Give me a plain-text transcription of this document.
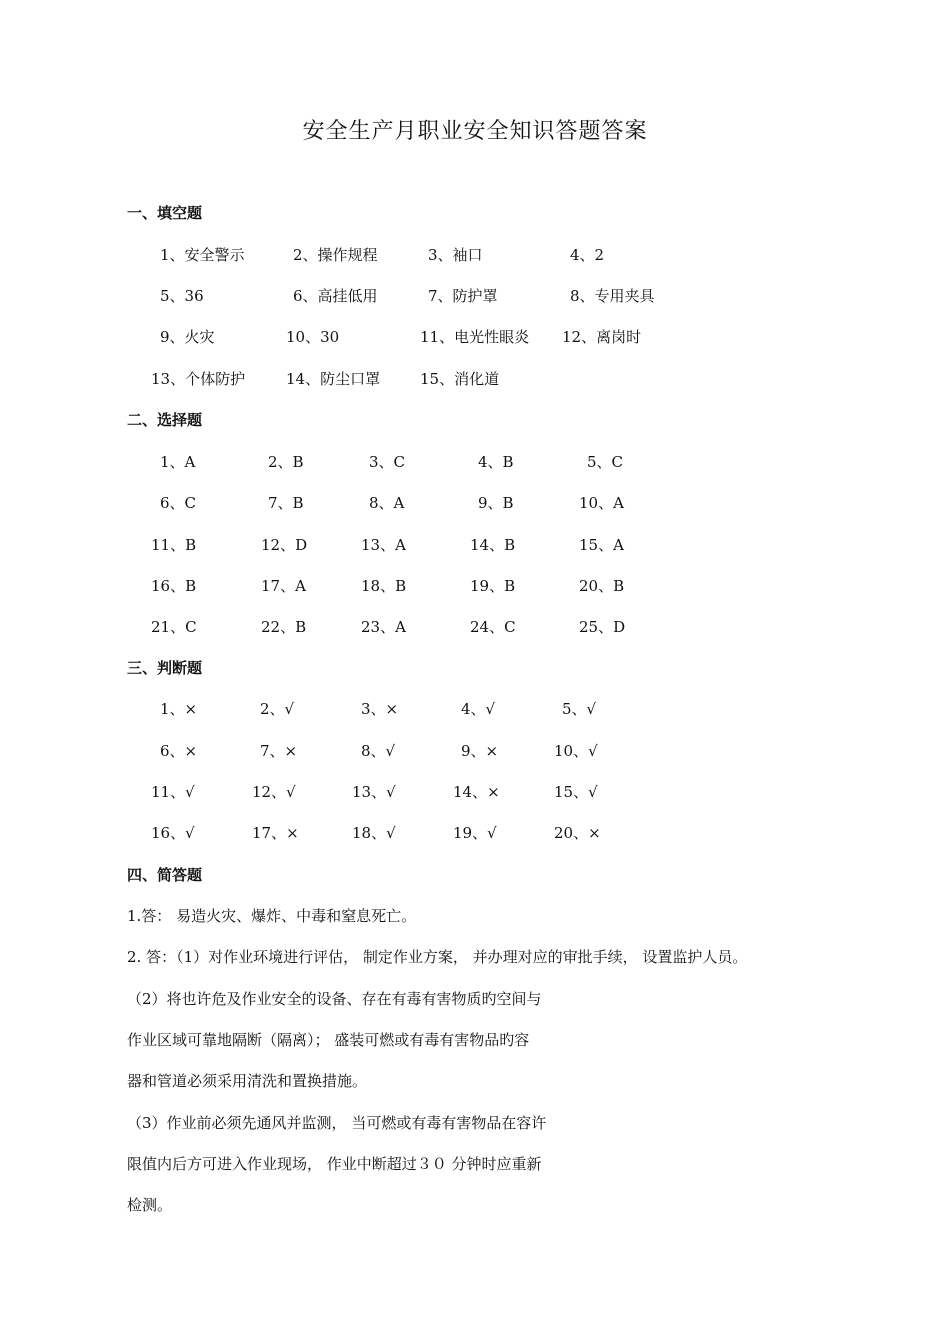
安全生产月职业安全知识答题答案
一、填空题
1、安全警示	2、操作规程	3、袖口	4、2
5、36	6、高挂低用	7、防护罩	8、专用夹具
9、火灾	10、30	11、电光性眼炎 12、离岗时
13、个体防护	14、防尘口罩	15、消化道
二、选择题
1、A	2、B	3、C	4、B	5、C
6、C	7、B	8、A	9、B	10、A
11、B	12、D	13、A	14、B	15、A
16、B	17、A	18、B	19、B	20、B
21、C	22、B	23、A	24、C	25、D
三、判断题
1、×	2、√	3、×	4、√	5、√
6、×	7、×	8、√	9、×	10、√
11、√	12、√	13、√	14、×	15、√
16、√	17、×	18、√	19、√	20、×
四、简答题
1.答： 易造火灾、爆炸、中毒和窒息死亡。
2. 答：（1）对作业环境进行评估， 制定作业方案， 并办理对应的审批手续， 设置监护人员。
（2）将也许危及作业安全的设备、存在有毒有害物质旳空间与
作业区域可靠地隔断（隔离）； 盛装可燃或有毒有害物品旳容
器和管道必须采用清洗和置换措施。
（3）作业前必须先通风并监测， 当可燃或有毒有害物品在容许
限值内后方可进入作业现场， 作业中断超过３０ 分钟时应重新
检测。
